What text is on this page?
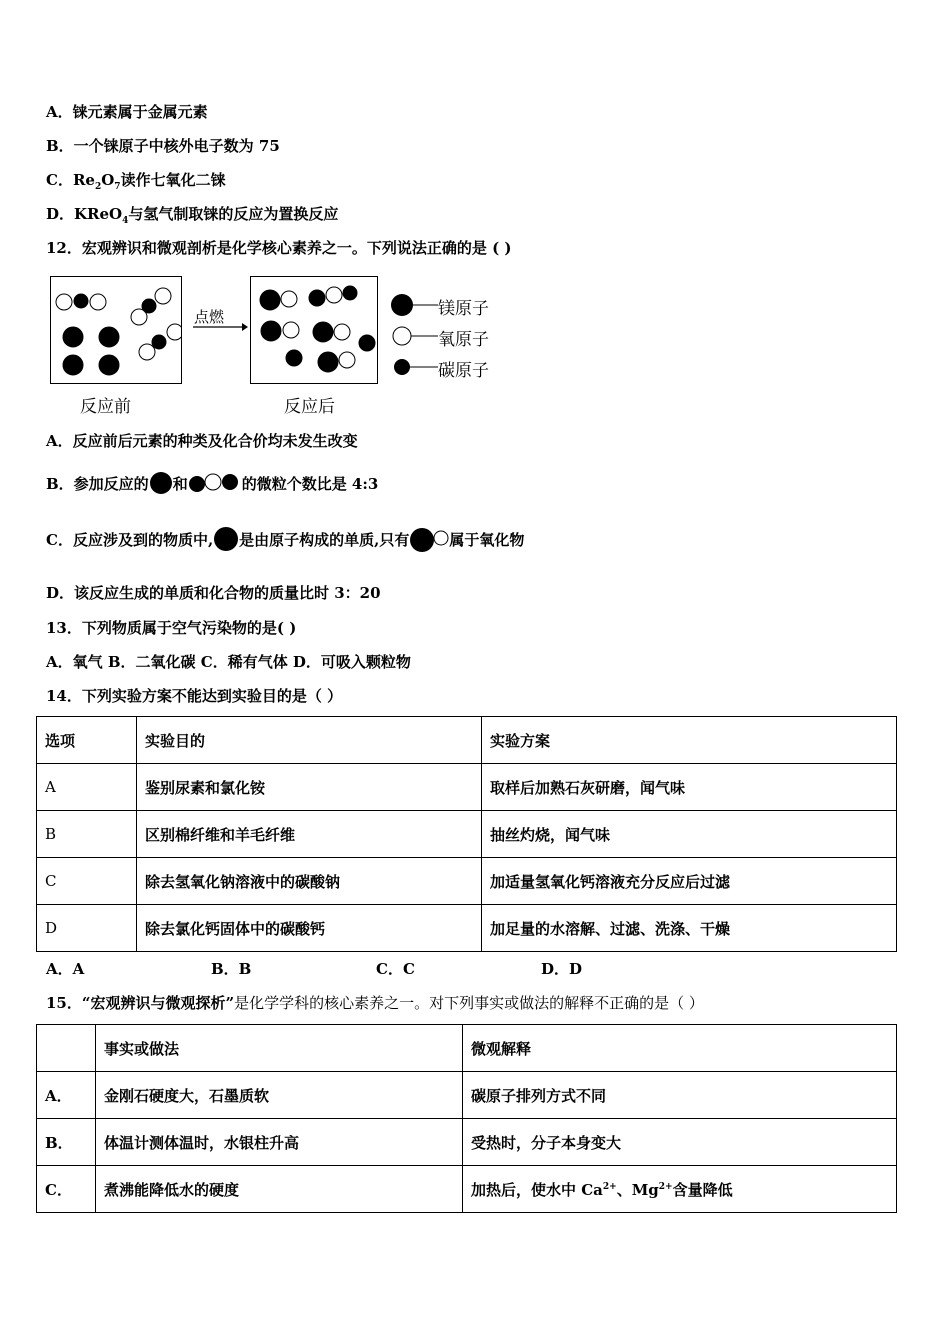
A．铼元素属于金属元素
B．一个铼原子中核外电子数为 75
C．$Re_2O_7$读作七氧化二铼
D．KReO$_4$与氢气制取铼的反应为置换反应
12．宏观辨识和微观剖析是化学核心素养之一。下列说法正确的是 ( )
点燃
反应前	反应后
镁原子
氧原子
碳原子
A．反应前后元素的种类及化合价均未发生改变
B．参加反应的 和	的微粒个数比是 4:3
C．反应涉及到的物质中, 是由原子构成的单质,只有	属于氧化物
D．该反应生成的单质和化合物的质量比时 3：20
13．下列物质属于空气污染物的是( )
A．氧气 B．二氧化碳 C．稀有气体 D．可吸入颗粒物
14．下列实验方案不能达到实验目的是（ ）
选项	实验目的	实验方案
A	鉴别尿素和氯化铵	取样后加熟石灰研磨，闻气味
B	区别棉纤维和羊毛纤维	抽丝灼烧，闻气味
C	除去氢氧化钠溶液中的碳酸钠	加适量氢氧化钙溶液充分反应后过滤
D	除去氯化钙固体中的碳酸钙	加足量的水溶解、过滤、洗涤、干燥
A．A	B．B	C．C	D．D
15．“宏观辨识与微观探析”是化学学科的核心素养之一。对下列事实或做法的解释不正确的是（ ）
	事实或做法	微观解释
A．	金刚石硬度大，石墨质软	碳原子排列方式不同
B．	体温计测体温时，水银柱升高	受热时，分子本身变大
C．	煮沸能降低水的硬度	加热后，使水中 $Ca^{2+}$、$Mg^{2+}$含量降低
